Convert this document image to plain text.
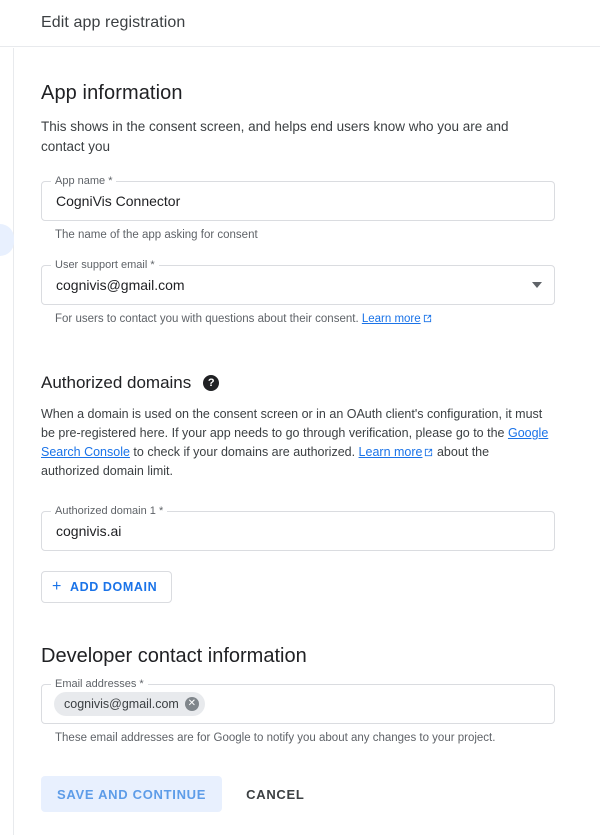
Edit app registration
App information

This shows in the consent screen, and helps end users know who you are and contact you

App name *
CogniVis Connector
The name of the app asking for consent
User support email *
cognivis@gmail.com
For users to contact you with questions about their consent. Learn more
Authorized domains	?

When a domain is used on the consent screen or in an OAuth client's configuration, it must be pre-registered here. If your app needs to go through verification, please go to the Google Search Console to check if your domains are authorized. Learn more
about the authorized domain limit.

Authorized domain 1 *
cognivis.ai
+ ADD DOMAIN
Developer contact information
Email addresses *
cognivis@gmail.com ✕
These email addresses are for Google to notify you about any changes to your project.
SAVE AND CONTINUE	CANCEL
